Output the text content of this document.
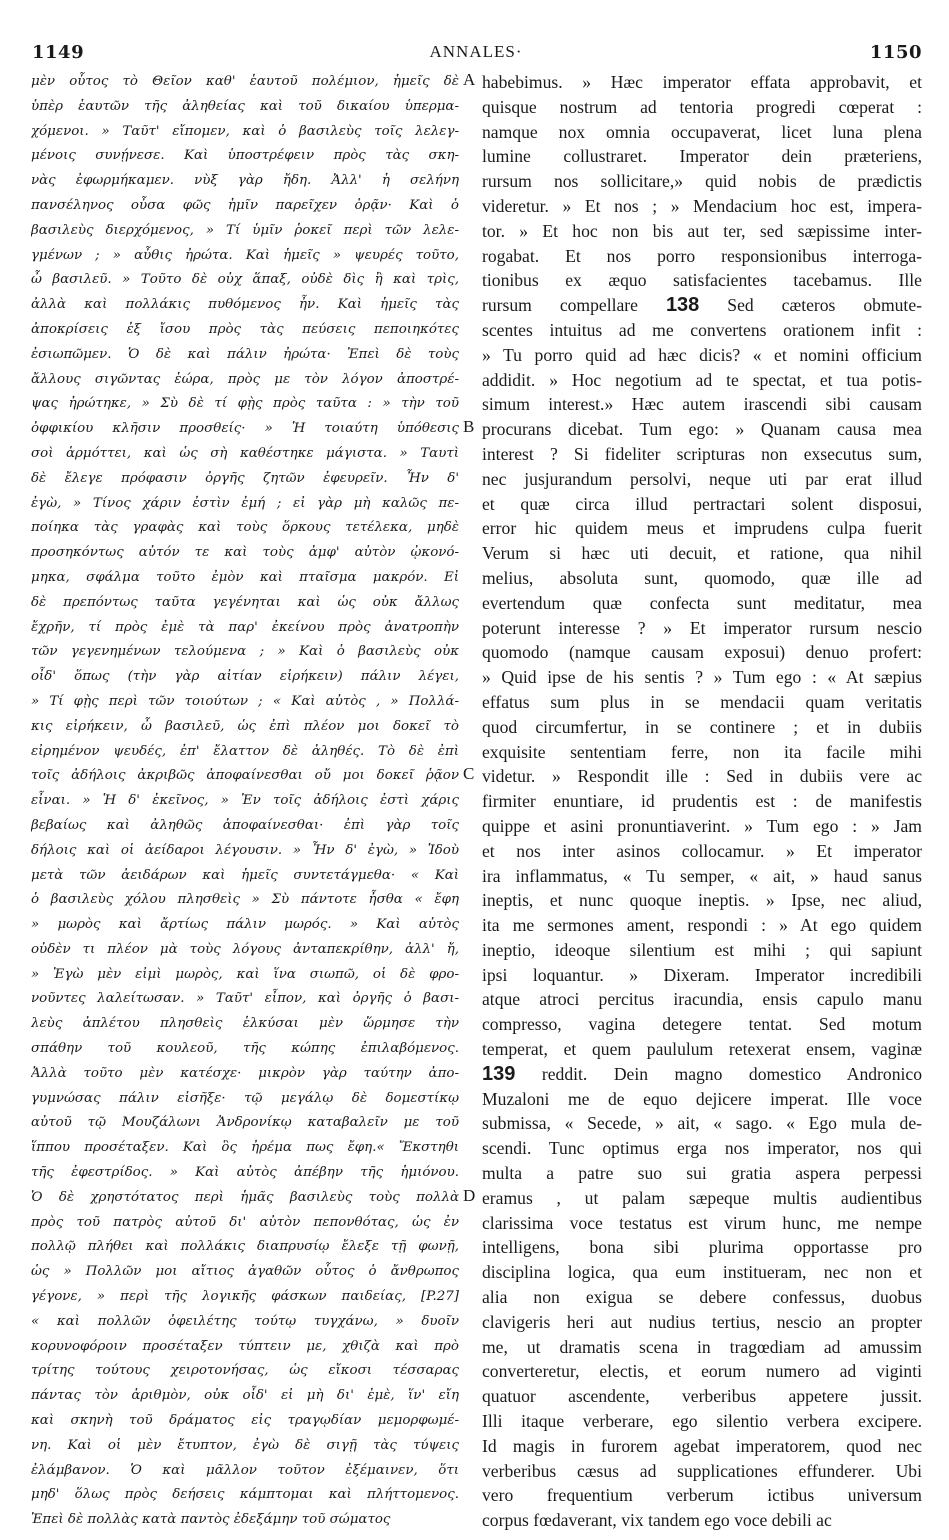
1149	ANNALES·	1150
μὲν οὗτος τὸ Θεῖον καθ' ἑαυτοῦ πολέμιον, ἡμεῖς δὲ
ὑπὲρ ἑαυτῶν τῆς ἀληθείας καὶ τοῦ δικαίου ὑπερμα-
χόμενοι. » Ταῦτ' εἴπομεν, καὶ ὁ βασιλεὺς τοῖς λελεγ-
μένοις συνῄνεσε. Καὶ ὑποστρέφειν πρὸς τὰς σκη-
νὰς ἐφωρμήκαμεν. νὺξ γὰρ ἤδη. Ἀλλ' ἡ σελήνη
πανσέληνος οὖσα φῶς ἡμῖν παρεῖχεν ὁρᾷν· Καὶ ὁ
βασιλεὺς διερχόμενος, » Τί ὑμῖν ῥοκεῖ περὶ τῶν λελε-
γμένων ; » αὖθις ἠρώτα. Καὶ ἡμεῖς » ψευρές τοῦτο,
ὦ βασιλεῦ. » Τοῦτο δὲ οὐχ ἅπαξ, οὐδὲ δὶς ἢ καὶ τρὶς,
ἀλλὰ καὶ πολλάκις πυθόμενος ἦν. Καὶ ἡμεῖς τὰς
ἀποκρίσεις ἐξ ἴσου πρὸς τὰς πεύσεις πεποιηκότες
ἐσιωπῶμεν. Ὁ δὲ καὶ πάλιν ἠρώτα· Ἐπεὶ δὲ τοὺς
ἄλλους σιγῶντας ἑώρα, πρὸς με τὸν λόγον ἀποστρέ-
ψας ἠρώτηκε, » Σὺ δὲ τί φῂς πρὸς ταῦτα : » τὴν τοῦ
ὀφφικίου κλῆσιν προσθείς· » Ἡ τοιαύτη ὑπόθεσις
σοὶ ἁρμόττει, καὶ ὡς σὴ καθέστηκε μάγιστα. » Ταυτὶ
δὲ ἔλεγε πρόφασιν ὀργῆς ζητῶν ἐφευρεῖν. Ἦν δ'
ἐγὼ, » Τίνος χάριν ἐστὶν ἐμή ; εἰ γὰρ μὴ καλῶς πε-
ποίηκα τὰς γραφὰς καὶ τοὺς ὅρκους τετέλεκα, μηδὲ
προσηκόντως αὐτόν τε καὶ τοὺς ἀμφ' αὐτὸν ᾠκονό-
μηκα, σφάλμα τοῦτο ἐμὸν καὶ πταῖσμα μακρόν. Εἰ
δὲ πρεπόντως ταῦτα γεγένηται καὶ ὡς οὐκ ἄλλως
ἔχρῆν, τί πρὸς ἐμὲ τὰ παρ' ἐκείνου πρὸς ἀνατροπὴν
τῶν γεγενημένων τελούμενα ; » Καὶ ὁ βασιλεὺς οὐκ
οἶδ' ὅπως (τὴν γὰρ αἰτίαν εἰρήκειν) πάλιν λέγει,
» Τί φῂς περὶ τῶν τοιούτων ; « Καὶ αὐτὸς , » Πολλά-
κις εἰρήκειν, ὦ βασιλεῦ, ὡς ἐπὶ πλέον μοι δοκεῖ τὸ
εἰρημένον ψευδές, ἐπ' ἔλαττον δὲ ἀληθές. Τὸ δὲ ἐπὶ
τοῖς ἀδήλοις ἀκριβῶς ἀποφαίνεσθαι οὔ μοι δοκεῖ ῥᾷον
εἶναι. » Ἡ δ' ἐκεῖνος, » Ἐν τοῖς ἀδήλοις ἐστὶ χάρις
βεβαίως καὶ ἀληθῶς ἀποφαίνεσθαι· ἐπὶ γὰρ τοῖς
δήλοις καὶ οἱ ἀείδαροι λέγουσιν. » Ἦν δ' ἐγὼ, » Ἰδοὺ
μετὰ τῶν ἀειδάρων καὶ ἡμεῖς συντετάγμεθα· « Καὶ
ὁ βασιλεὺς χόλου πλησθεὶς » Σὺ πάντοτε ἦσθα « ἔφη
» μωρὸς καὶ ἄρτίως πάλιν μωρός. » Καὶ αὐτὸς
οὐδὲν τι πλέον μὰ τοὺς λόγους ἀνταπεκρίθην, ἀλλ' ἤ,
» Ἐγὼ μὲν εἰμὶ μωρὸς, καὶ ἵνα σιωπῶ, οἱ δὲ φρο-
νοῦντες λαλείτωσαν. » Ταῦτ' εἶπον, καὶ ὀργῆς ὁ βασι-
λεὺς ἀπλέτου πλησθεὶς ἑλκύσαι μὲν ὥρμησε τὴν
σπάθην τοῦ κουλεοῦ, τῆς κώπης ἐπιλαβόμενος.
Ἀλλὰ τοῦτο μὲν κατέσχε· μικρὸν γὰρ ταύτην ἀπο-
γυμνώσας πάλιν εἰσῆξε· τῷ μεγάλῳ δὲ δομεστίκῳ
αὐτοῦ τῷ Μουζάλωνι Ἀνδρονίκῳ καταβαλεῖν με τοῦ
ἵππου προσέταξεν. Καὶ ὃς ἠρέμα πως ἔφη.« Ἔκστηθι
τῆς ἐφεστρίδος. » Καὶ αὐτὸς ἀπέβην τῆς ἡμιόνου.
Ὁ δὲ χρηστότατος περὶ ἡμᾶς βασιλεὺς τοὺς πολλὰ
πρὸς τοῦ πατρὸς αὐτοῦ δι' αὐτὸν πεπονθότας, ὡς ἐν
πολλῷ πλήθει καὶ πολλάκις διαπρυσίῳ ἔλεξε τῇ φωνῇ,
ὡς » Πολλῶν μοι αἴτιος ἀγαθῶν οὗτος ὁ ἄνθρωπος
γέγονε, » περὶ τῆς λογικῆς φάσκων παιδείας, [P.27]
« καὶ πολλῶν ὀφειλέτης τούτῳ τυγχάνω, » δυοῖν
κορυνοφόροιν προσέταξεν τύπτειν με, χθιζὰ καὶ πρὸ
τρίτης τούτους χειροτονήσας, ὡς εἴκοσι τέσσαρας
πάντας τὸν ἀριθμὸν, οὐκ οἶδ' εἰ μὴ δι' ἐμὲ, ἵν' εἴη
καὶ σκηνὴ τοῦ δράματος εἰς τραγῳδίαν μεμορφωμέ-
νη. Καὶ οἱ μὲν ἔτυπτον, ἐγὼ δὲ σιγῇ τὰς τύψεις
ἐλάμβανον. Ὁ καὶ μᾶλλον τοῦτον ἐξέμαινεν, ὅτι
μηδ' ὅλως πρὸς δεήσεις κάμπτομαι καὶ πλήττομενος.
Ἐπεὶ δὲ πολλὰς κατὰ παντὸς ἐδεξάμην τοῦ σώματος
habebimus. » Hæc imperator effata approbavit, et
quisque nostrum ad tentoria progredi cœperat :
namque nox omnia occupaverat, licet luna plena
lumine collustraret. Imperator dein præteriens,
rursum nos sollicitare,» quid nobis de prædictis
videretur. » Et nos ; » Mendacium hoc est, impera-
tor. » Et hoc non bis aut ter, sed sæpissime inter-
rogabat. Et nos porro responsionibus interroga-
tionibus ex æquo satisfacientes tacebamus. Ille
rursum compellare 138 Sed cæteros obmute-
scentes intuitus ad me convertens orationem infit :
» Tu porro quid ad hæc dicis? « et nomini officium
addidit. » Hoc negotium ad te spectat, et tua potis-
simum interest.» Hæc autem irascendi sibi causam
procurans dicebat. Tum ego: » Quanam causa mea
interest ? Si fideliter scripturas non exsecutus sum,
nec jusjurandum persolvi, neque uti par erat illud
et quæ circa illud pertractari solent disposui,
error hic quidem meus et imprudens culpa fuerit
Verum si hæc uti decuit, et ratione, qua nihil
melius, absoluta sunt, quomodo, quæ ille ad
evertendum quæ confecta sunt meditatur, mea
poterunt interesse ? » Et imperator rursum nescio
quomodo (namque causam exposui) denuo profert:
» Quid ipse de his sentis ? » Tum ego : « At sæpius
effatus sum plus in se mendacii quam veritatis
quod circumfertur, in se continere ; et in dubiis
exquisite sententiam ferre, non ita facile mihi
videtur. » Respondit ille : Sed in dubiis vere ac
firmiter enuntiare, id prudentis est : de manifestis
quippe et asini pronuntiaverint. » Tum ego : » Jam
et nos inter asinos collocamur. » Et imperator
ira inflammatus, « Tu semper, « ait, » haud sanus
ineptis, et nunc quoque ineptis. » Ipse, nec aliud,
ita me sermones ament, respondi : » At ego quidem
ineptio, ideoque silentium est mihi ; qui sapiunt
ipsi loquantur. » Dixeram. Imperator incredibili
atque atroci percitus iracundia, ensis capulo manu
compresso, vagina detegere tentat. Sed motum
temperat, et quem paululum retexerat ensem, vaginæ
139 reddit. Dein magno domestico Andronico
Muzaloni me de equo dejicere imperat. Ille voce
submissa, « Secede, » ait, « sago. « Ego mula de-
scendi. Tunc optimus erga nos imperator, nos qui
multa a patre suo sui gratia aspera perpessi
eramus , ut palam sæpeque multis audientibus
clarissima voce testatus est virum hunc, me nempe
intelligens, bona sibi plurima opportasse pro
disciplina logica, qua eum institueram, nec non et
alia non exigua se debere confessus, duobus
clavigeris heri aut nudius tertius, nescio an propter
me, ut dramatis scena in tragœdiam ad amussim
converteretur, electis, et eorum numero ad viginti
quatuor ascendente, verberibus appetere jussit.
Illi itaque verberare, ego silentio verbera excipere.
Id magis in furorem agebat imperatorem, quod nec
verberibus cæsus ad supplicationes effunderer. Ubi
vero frequentium verberum ictibus universum
corpus fœdaverant, vix tandem ego voce debili ac
A
B
C
D
